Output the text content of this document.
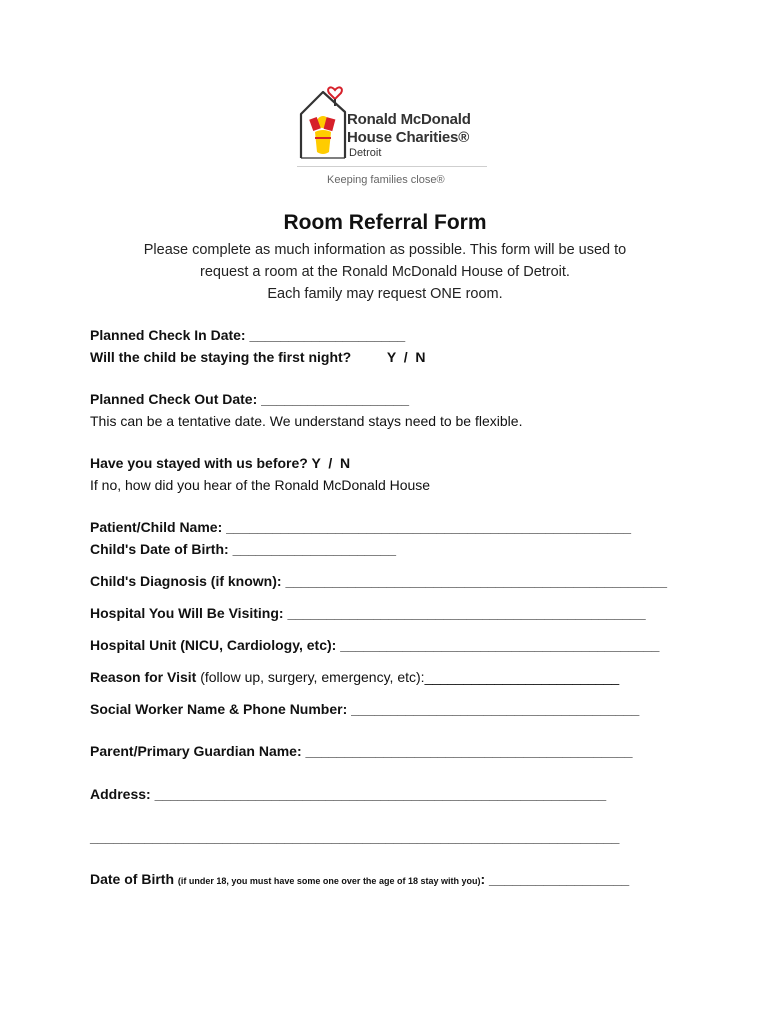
Ronald McDonald
House Charities®
Detroit
Keeping families close®
Room Referral Form
Please complete as much information as possible. This form will be used to
request a room at the Ronald McDonald House of Detroit.
Each family may request ONE room.
Planned Check In Date: ____________________
Will the child be staying the first night?	Y  /  N
Planned Check Out Date: ___________________
This can be a tentative date. We understand stays need to be flexible.
Have you stayed with us before? Y  /  N
If no, how did you hear of the Ronald McDonald House
Patient/Child Name: ____________________________________________________
Child's Date of Birth: _____________________
Child's Diagnosis (if known): _________________________________________________
Hospital You Will Be Visiting: ______________________________________________
Hospital Unit (NICU, Cardiology, etc): _________________________________________
Reason for Visit (follow up, surgery, emergency, etc):_________________________
Social Worker Name & Phone Number: _____________________________________
Parent/Primary Guardian Name: __________________________________________
Address: __________________________________________________________
____________________________________________________________________
Date of Birth (if under 18, you must have some one over the age of 18 stay with you): __________________
